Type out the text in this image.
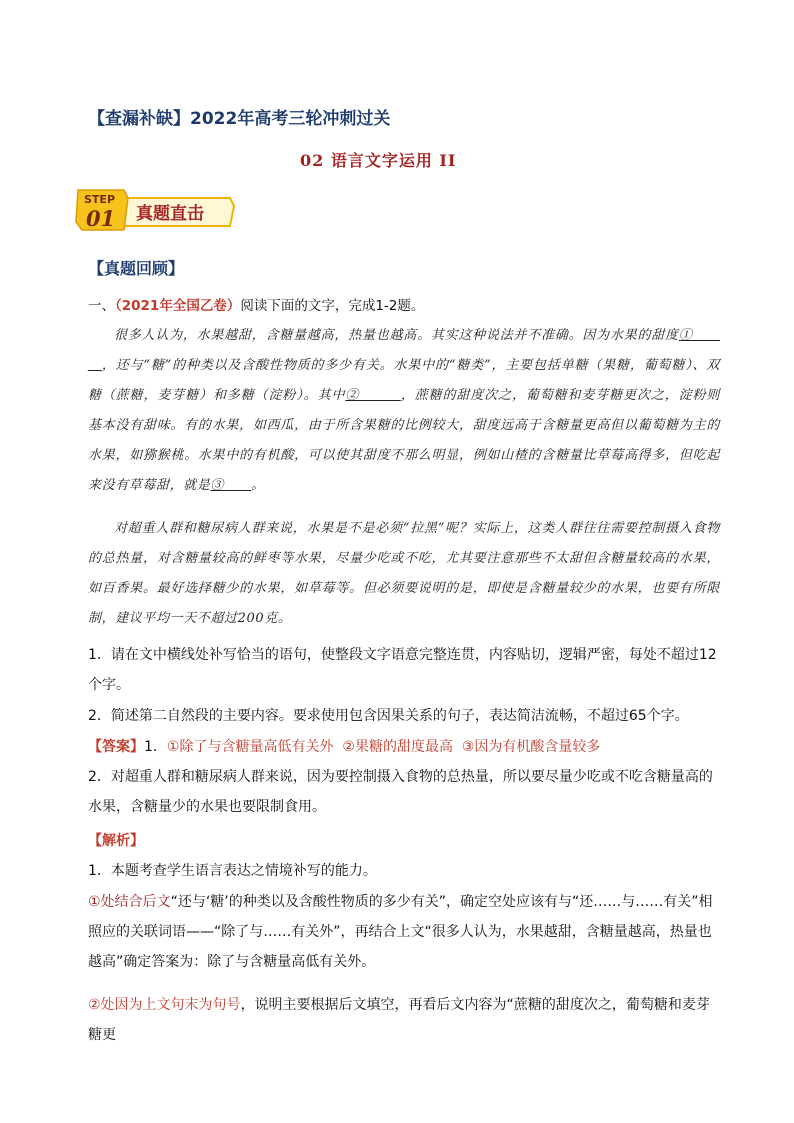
【查漏补缺】2022年高考三轮冲刺过关
02 语言文字运用 II
STEP
01 真题直击
【真题回顾】
一、（2021年全国乙卷）阅读下面的文字，完成1-2题。
很多人认为，水果越甜，含糖量越高，热量也越高。其实这种说法并不准确。因为水果的甜度①＿＿＿，还与“糖”的种类以及含酸性物质的多少有关。水果中的“糖类”，主要包括单糖（果糖，葡萄糖）、双糖（蔗糖，麦芽糖）和多糖（淀粉）。其中②＿＿＿，蔗糖的甜度次之，葡萄糖和麦芽糖更次之，淀粉则基本没有甜味。有的水果，如西瓜，由于所含果糖的比例较大，甜度远高于含糖量更高但以葡萄糖为主的水果，如猕猴桃。水果中的有机酸，可以使其甜度不那么明显，例如山楂的含糖量比草莓高得多，但吃起来没有草莓甜，就是③＿＿。
对超重人群和糖尿病人群来说，水果是不是必须“拉黑”呢？实际上，这类人群往往需要控制摄入食物的总热量，对含糖量较高的鲜枣等水果，尽量少吃或不吃，尤其要注意那些不太甜但含糖量较高的水果，如百香果。最好选择糖少的水果，如草莓等。但必须要说明的是，即使是含糖量较少的水果，也要有所限制，建议平均一天不超过200克。
1．请在文中横线处补写恰当的语句，使整段文字语意完整连贯，内容贴切，逻辑严密，每处不超过12个字。
2．简述第二自然段的主要内容。要求使用包含因果关系的句子，表达简洁流畅，不超过65个字。
【答案】1．①除了与含糖量高低有关外 ②果糖的甜度最高 ③因为有机酸含量较多
2．对超重人群和糖尿病人群来说，因为要控制摄入食物的总热量，所以要尽量少吃或不吃含糖量高的水果，含糖量少的水果也要限制食用。
【解析】
1．本题考查学生语言表达之情境补写的能力。
①处结合后文“还与‘糖’的种类以及含酸性物质的多少有关”，确定空处应该有与“还……与……有关”相照应的关联词语——“除了与……有关外”，再结合上文“很多人认为，水果越甜，含糖量越高，热量也越高”确定答案为：除了与含糖量高低有关外。
②处因为上文句末为句号，说明主要根据后文填空，再看后文内容为“蔗糖的甜度次之，葡萄糖和麦芽糖更
